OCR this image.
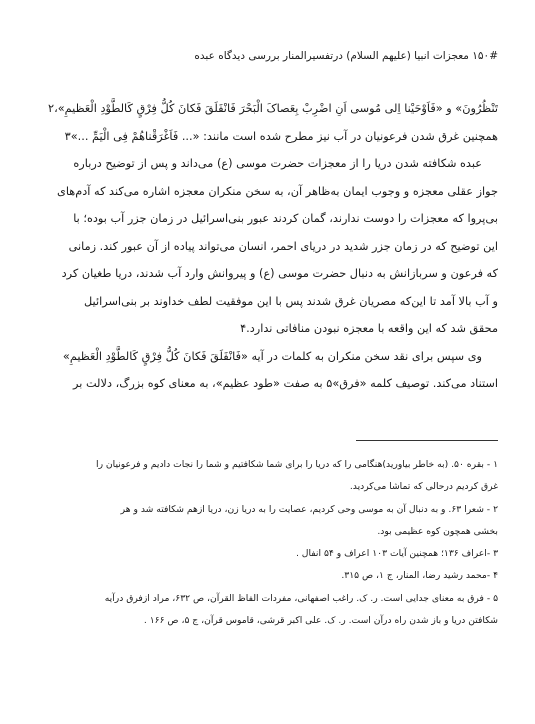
۱۵۰# معجزات انبیا (علیهم السلام) درتفسیرالمنار بررسی دیدگاه عبده
تَنْظُرُونَ»‌ و «فَاَوْحَیْنا اِلی مُوسی اَنِ اضْرِبْ بِعَصاکَ الْبَحْرَ فَانْفَلَقَ فَکانَ کُلُّ فِرْقٍ کَالطَّوْدِ الْعَظیمِ»،۲
همچنین غرق شدن فرعونیان در آب نیز مطرح شده است مانند: «... فَاَغْرَقْناهُمْ فِی الْیَمِّ ...»۳
عبده شکافته شدن دریا را از معجزات حضرت موسی (ع) می‌داند و پس از توضیح درباره
جواز عقلی معجزه و وجوب ایمان به‌ظاهر آن، به سخن منکران معجزه اشاره می‌کند که آدم‌های
بی‌پروا که معجزات را دوست ندارند، گمان کردند عبور بنی‌اسرائیل در زمان جزر آب بوده؛ با
این توضیح که در زمان جزر شدید در دریای احمر، انسان می‌تواند پیاده از آن عبور کند. زمانی
که فرعون و سربازانش به دنبال حضرت موسی (ع) و پیروانش وارد آب شدند، دریا طغیان کرد
و آب بالا آمد تا این‌که مصریان غرق شدند پس با این موفقیت لطف خداوند بر بنی‌اسرائیل
محقق شد که این واقعه با معجزه نبودن منافاتی ندارد.۴
وی سپس برای نقد سخن منکران به کلمات در آیه «فَانْفَلَقَ فَکانَ کُلُّ فِرْقٍ کَالطَّوْدِ الْعَظیمِ»
استناد می‌کند. توصیف کلمه «فرق»۵ به صفت «طود عظیم»، به معنای کوه بزرگ، دلالت بر
۱ - بقره ۵۰. (به خاطر بیاورید)هنگامی را که دریا را برای شما شکافتیم و شما را نجات دادیم و فرعونیان را
غرق کردیم درحالی که تماشا می‌کردید.
۲ - شعرا ۶۳. و به دنبال آن به موسی وحی کردیم، عصایت را به دریا زن، دریا ازهم شکافته شد و هر
بخشی همچون کوه عظیمی بود.
۳ -اعراف ۱۳۶؛ همچنین آیات ۱۰۳ اعراف و ۵۴ انفال .
۴ -محمد رشید رضا، المنار، ج ۱، ص ۳۱۵.
۵ - فرق به معنای جدایی است. ر. ک. راغب اصفهانی، مفردات الفاظ القرآن، ص ۶۳۲، مراد ازفرق درآیه
شکافتن دریا و باز شدن راه درآن است. ر. ک. علی اکبر قرشی، قاموس قرآن، ج ۵، ص ۱۶۶ .
